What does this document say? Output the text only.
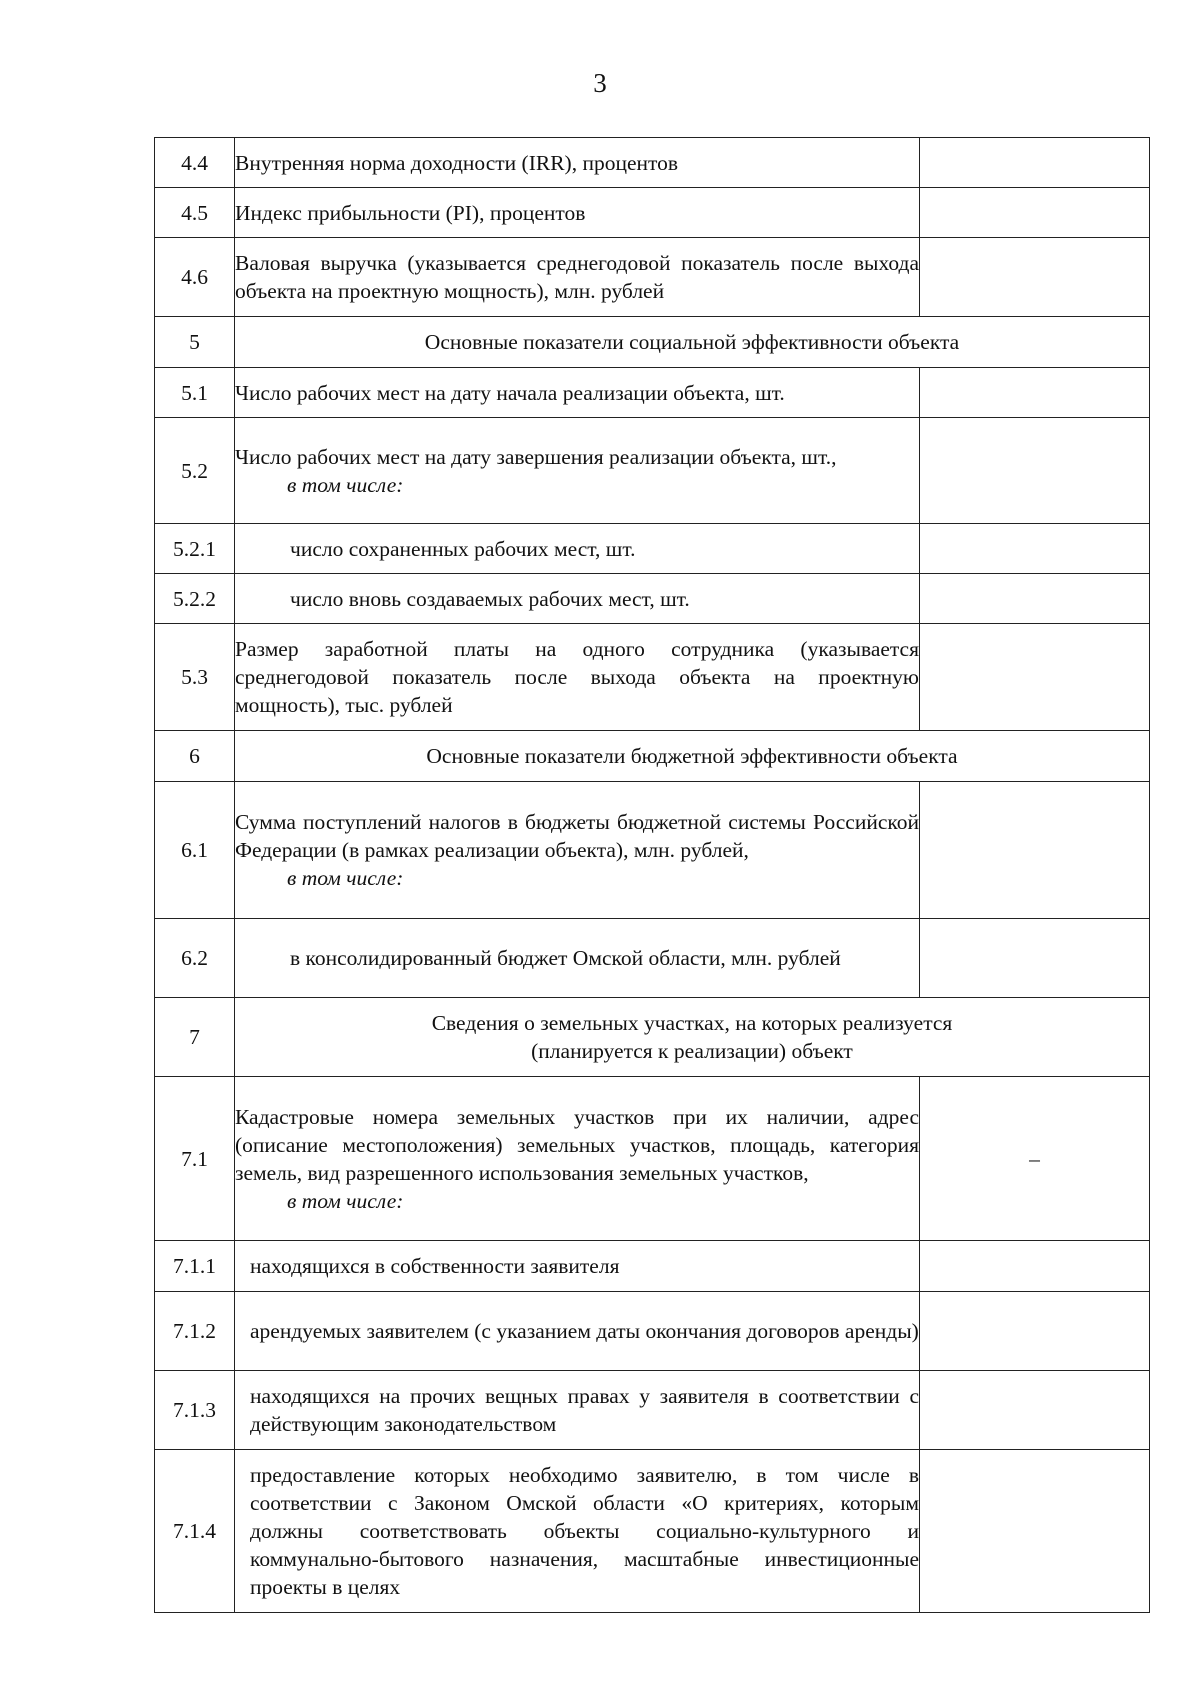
3
4.4	Внутренняя норма доходности (IRR), процентов	
4.5	Индекс прибыльности (PI), процентов	
4.6	Валовая выручка (указывается среднегодовой показатель после выхода объекта на проектную мощность), млн. рублей	
5	Основные показатели социальной эффективности объекта	
5.1	Число рабочих мест на дату начала реализации объекта, шт.	
5.2	Число рабочих мест на дату завершения реализации объекта, шт.,
в том числе:	

5.2.1	число сохраненных рабочих мест, шт.	
5.2.2	число вновь создаваемых рабочих мест, шт.	
5.3	Размер заработной платы на одного сотрудника (указывается среднегодовой показатель после выхода объекта на проектную мощность), тыс. рублей	
6	Основные показатели бюджетной эффективности объекта	
6.1	Сумма поступлений налогов в бюджеты бюджетной системы Российской Федерации (в рамках реализации объекта), млн. рублей,
в том числе:	

6.2	в консолидированный бюджет Омской области, млн. рублей	
7	Сведения о земельных участках, на которых реализуется
(планируется к реализации) объект	

7.1	Кадастровые номера земельных участков при их наличии, адрес (описание местоположения) земельных участков, площадь, категория земель, вид разрешенного использования земельных участков,
в том числе:	–
7.1.1	находящихся в собственности заявителя	
7.1.2	арендуемых заявителем (с указанием даты окончания договоров аренды)	
7.1.3	находящихся на прочих вещных правах у заявителя в соответствии с действующим законодательством	
7.1.4	предоставление которых необходимо заявителю, в том числе в соответствии с Законом Омской области «О критериях, которым должны соответствовать объекты социально-культурного и коммунально-бытового назначения, масштабные инвестиционные проекты в целях	
